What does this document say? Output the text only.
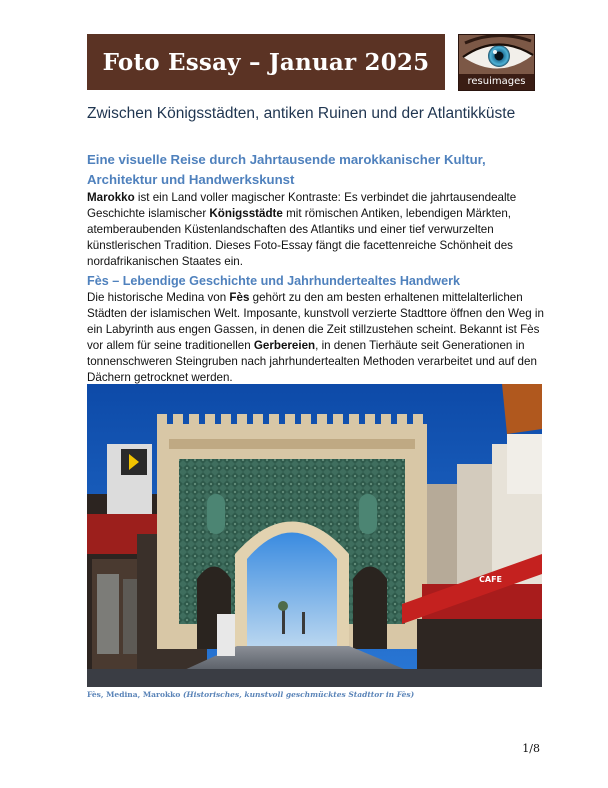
Foto Essay – Januar 2025
resuimages
Zwischen Königsstädten, antiken Ruinen und der Atlantikküste
Eine visuelle Reise durch Jahrtausende marokkanischer Kultur, Architektur und Handwerkskunst
Marokko ist ein Land voller magischer Kontraste: Es verbindet die jahrtausendealte Geschichte islamischer Königsstädte mit römischen Antiken, lebendigen Märkten, atemberaubenden Küstenlandschaften des Atlantiks und einer tief verwurzelten künstlerischen Tradition. Dieses Foto-Essay fängt die facettenreiche Schönheit des nordafrikanischen Staates ein.
Fès – Lebendige Geschichte und Jahrhundertealtes Handwerk
Die historische Medina von Fès gehört zu den am besten erhaltenen mittelalterlichen Städten der islamischen Welt. Imposante, kunstvoll verzierte Stadttore öffnen den Weg in ein Labyrinth aus engen Gassen, in denen die Zeit stillzustehen scheint. Bekannt ist Fès vor allem für seine traditionellen Gerbereien, in denen Tierhäute seit Generationen in tonnenschweren Steingruben nach jahrhundertealten Methoden verarbeitet und auf den Dächern getrocknet werden.
CAFE
Fès, Medina, Marokko (Historisches, kunstvoll geschmücktes Stadttor in Fès)
1/8
